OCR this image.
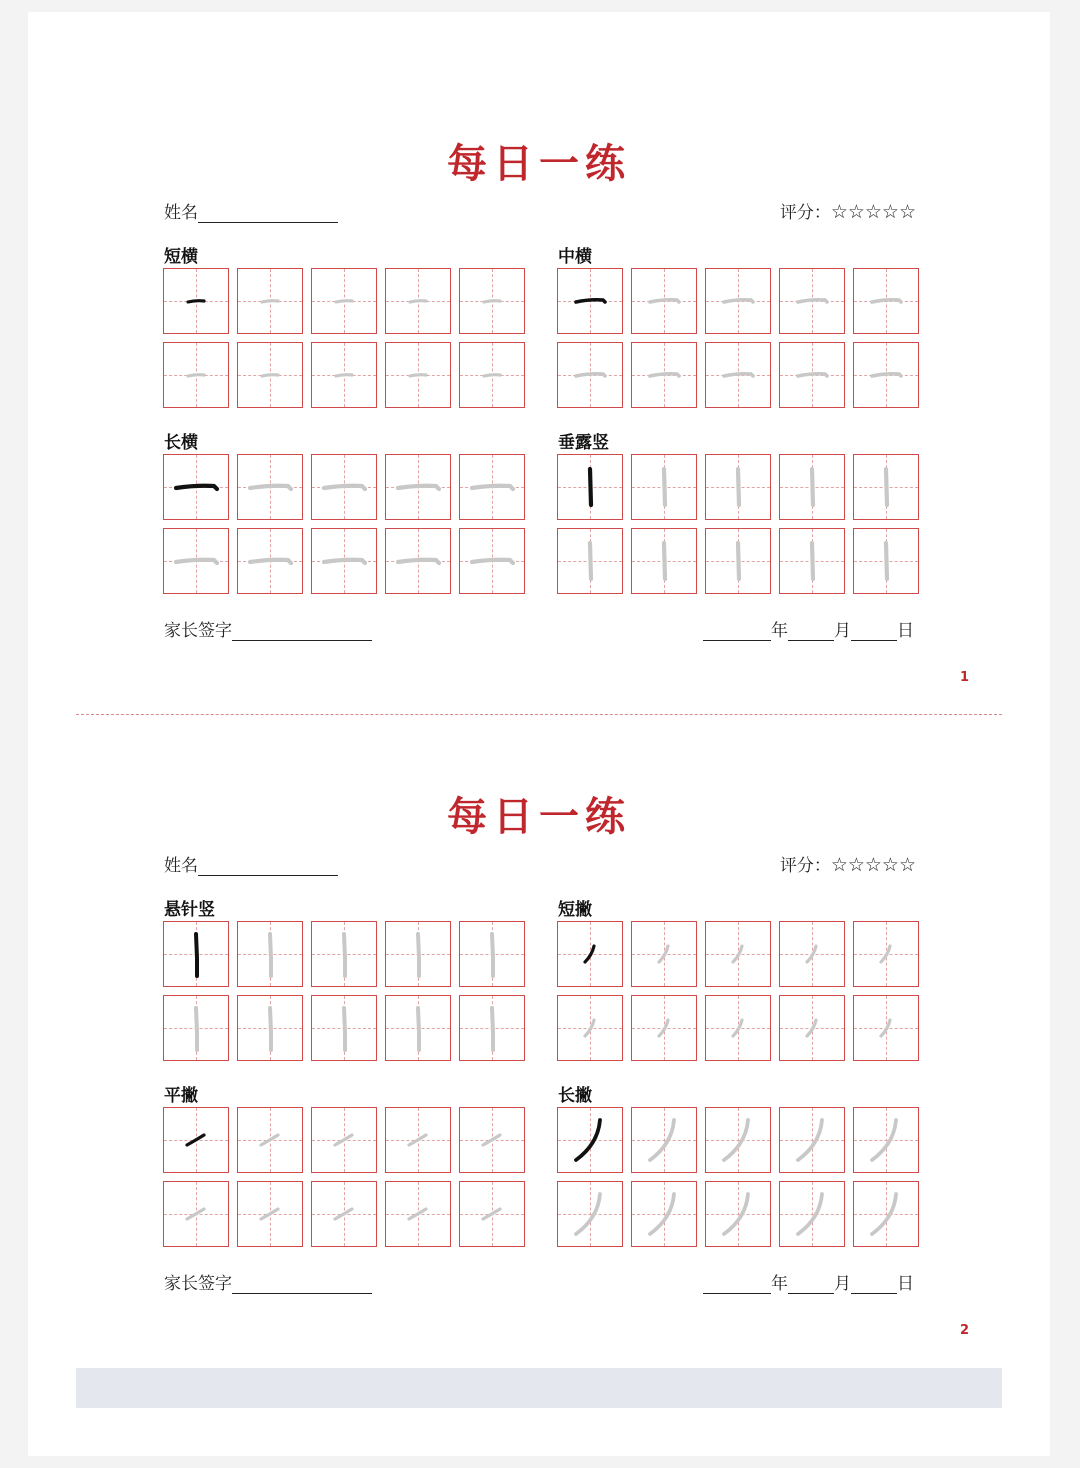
每日一练
姓名	评分：☆☆☆☆☆
短横	中横
长横	垂露竖
家长签字	年	月	日
1
每日一练
姓名	评分：☆☆☆☆☆
悬针竖	短撇
平撇	长撇
家长签字	年	月	日
2
